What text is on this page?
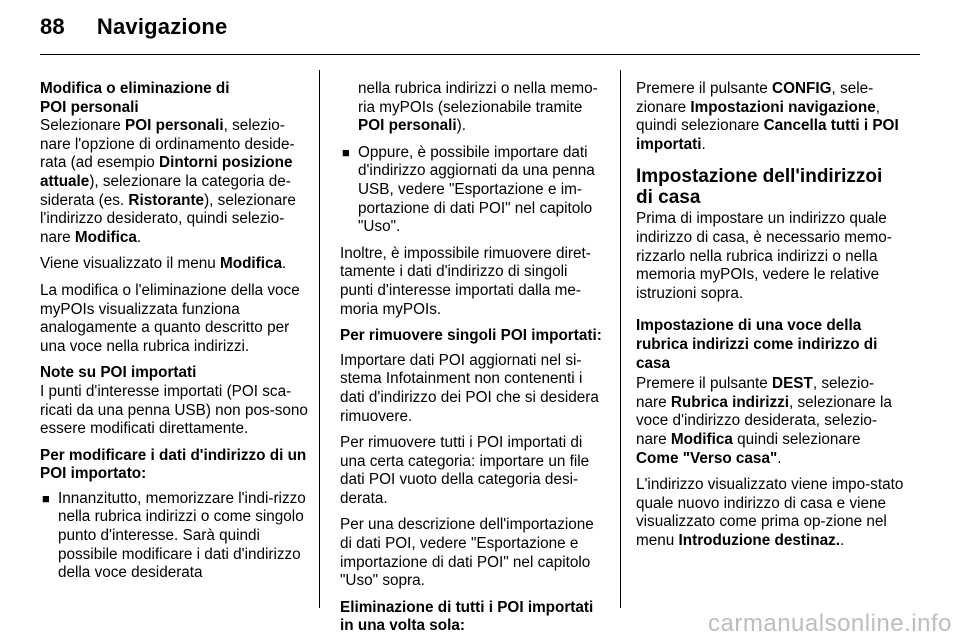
88 Navigazione

Modifica o eliminazione di
POI personali

Selezionare POI personali, selezio-nare l'opzione di ordinamento deside-rata (ad esempio Dintorni posizione attuale), selezionare la categoria de-siderata (es. Ristorante), selezionare l'indirizzo desiderato, quindi selezio-nare Modifica.

Viene visualizzato il menu Modifica.

La modifica o l'eliminazione della voce myPOIs visualizzata funziona analogamente a quanto descritto per una voce nella rubrica indirizzi.

Note su POI importati

I punti d'interesse importati (POI sca-ricati da una penna USB) non pos-sono essere modificati direttamente.

Per modificare i dati d'indirizzo di un POI importato:

■ Innanzitutto, memorizzare l'indi-rizzo nella rubrica indirizzi o come singolo punto d'interesse. Sarà quindi possibile modificare i dati d'indirizzo della voce desiderata
nella rubrica indirizzi o nella memo-ria myPOIs (selezionabile tramite POI personali).
■ Oppure, è possibile importare dati d'indirizzo aggiornati da una penna USB, vedere "Esportazione e im-portazione di dati POI" nel capitolo "Uso".

Inoltre, è impossibile rimuovere diret-tamente i dati d'indirizzo di singoli punti d'interesse importati dalla me-moria myPOIs.

Per rimuovere singoli POI importati:

Importare dati POI aggiornati nel si-stema Infotainment non contenenti i dati d'indirizzo dei POI che si desidera rimuovere.

Per rimuovere tutti i POI importati di una certa categoria: importare un file dati POI vuoto della categoria desi-derata.

Per una descrizione dell'importazione di dati POI, vedere "Esportazione e importazione di dati POI" nel capitolo "Uso" sopra.

Eliminazione di tutti i POI importati in una volta sola:

Premere il pulsante CONFIG, sele-zionare Impostazioni navigazione, quindi selezionare Cancella tutti i POI importati.

Impostazione dell'indirizzoi di casa

Prima di impostare un indirizzo quale indirizzo di casa, è necessario memo-rizzarlo nella rubrica indirizzi o nella memoria myPOIs, vedere le relative istruzioni sopra.

Impostazione di una voce della rubrica indirizzi come indirizzo di casa

Premere il pulsante DEST, selezio-nare Rubrica indirizzi, selezionare la voce d'indirizzo desiderata, selezio-nare Modifica quindi selezionare Come "Verso casa".

L'indirizzo visualizzato viene impo-stato quale nuovo indirizzo di casa e viene visualizzato come prima op-zione nel menu Introduzione destinaz..

carmanualsonline.info
